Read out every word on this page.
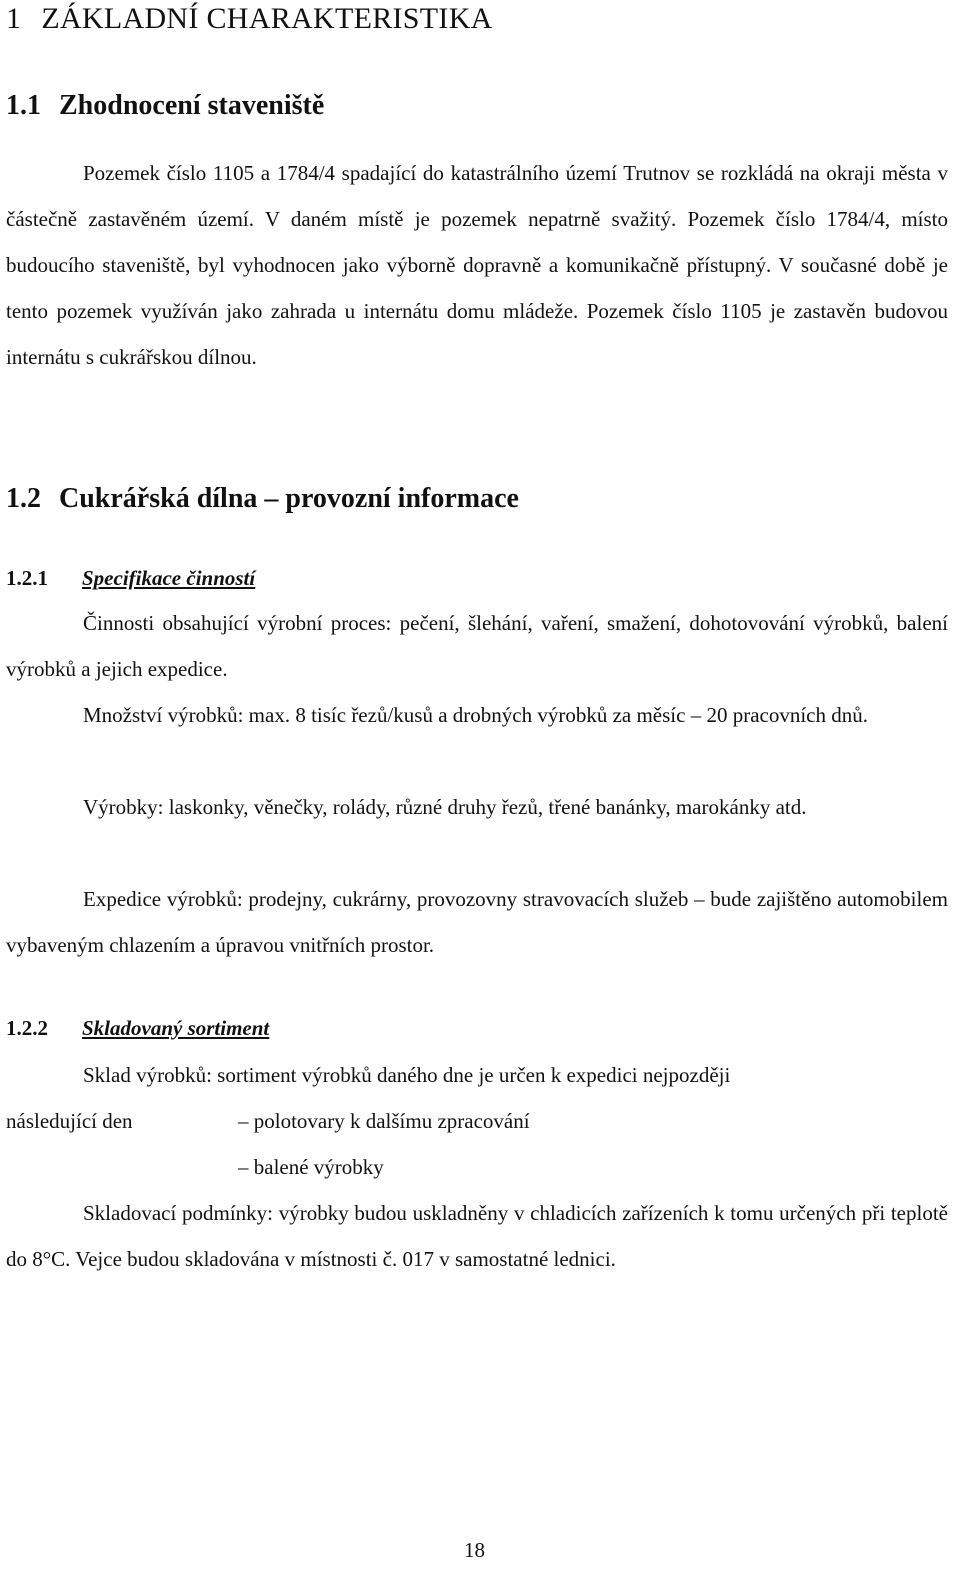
1 ZÁKLADNÍ CHARAKTERISTIKA
1.1 Zhodnocení staveniště

Pozemek číslo 1105 a 1784/4 spadající do katastrálního území Trutnov se rozkládá na okraji města v částečně zastavěném území. V daném místě je pozemek nepatrně svažitý. Pozemek číslo 1784/4, místo budoucího staveniště, byl vyhodnocen jako výborně dopravně a komunikačně přístupný. V současné době je tento pozemek využíván jako zahrada u internátu domu mládeže. Pozemek číslo 1105 je zastavěn budovou internátu s cukrářskou dílnou.

1.2 Cukrářská dílna – provozní informace
1.2.1 Specifikace činností

Činnosti obsahující výrobní proces: pečení, šlehání, vaření, smažení, dohotovování výrobků, balení výrobků a jejich expedice.

Množství výrobků: max. 8 tisíc řezů/kusů a drobných výrobků za měsíc – 20 pracovních dnů.

Výrobky: laskonky, věnečky, rolády, různé druhy řezů, třené banánky, marokánky atd.

Expedice výrobků: prodejny, cukrárny, provozovny stravovacích služeb – bude zajištěno automobilem vybaveným chlazením a úpravou vnitřních prostor.

1.2.2 Skladovaný sortiment

Sklad výrobků: sortiment výrobků daného dne je určen k expedici nejpozději

následující den	– polotovary k dalšímu zpracování
– balené výrobky

Skladovací podmínky: výrobky budou uskladněny v chladicích zařízeních k tomu určených při teplotě do 8°C. Vejce budou skladována v místnosti č. 017 v samostatné lednici.

18
